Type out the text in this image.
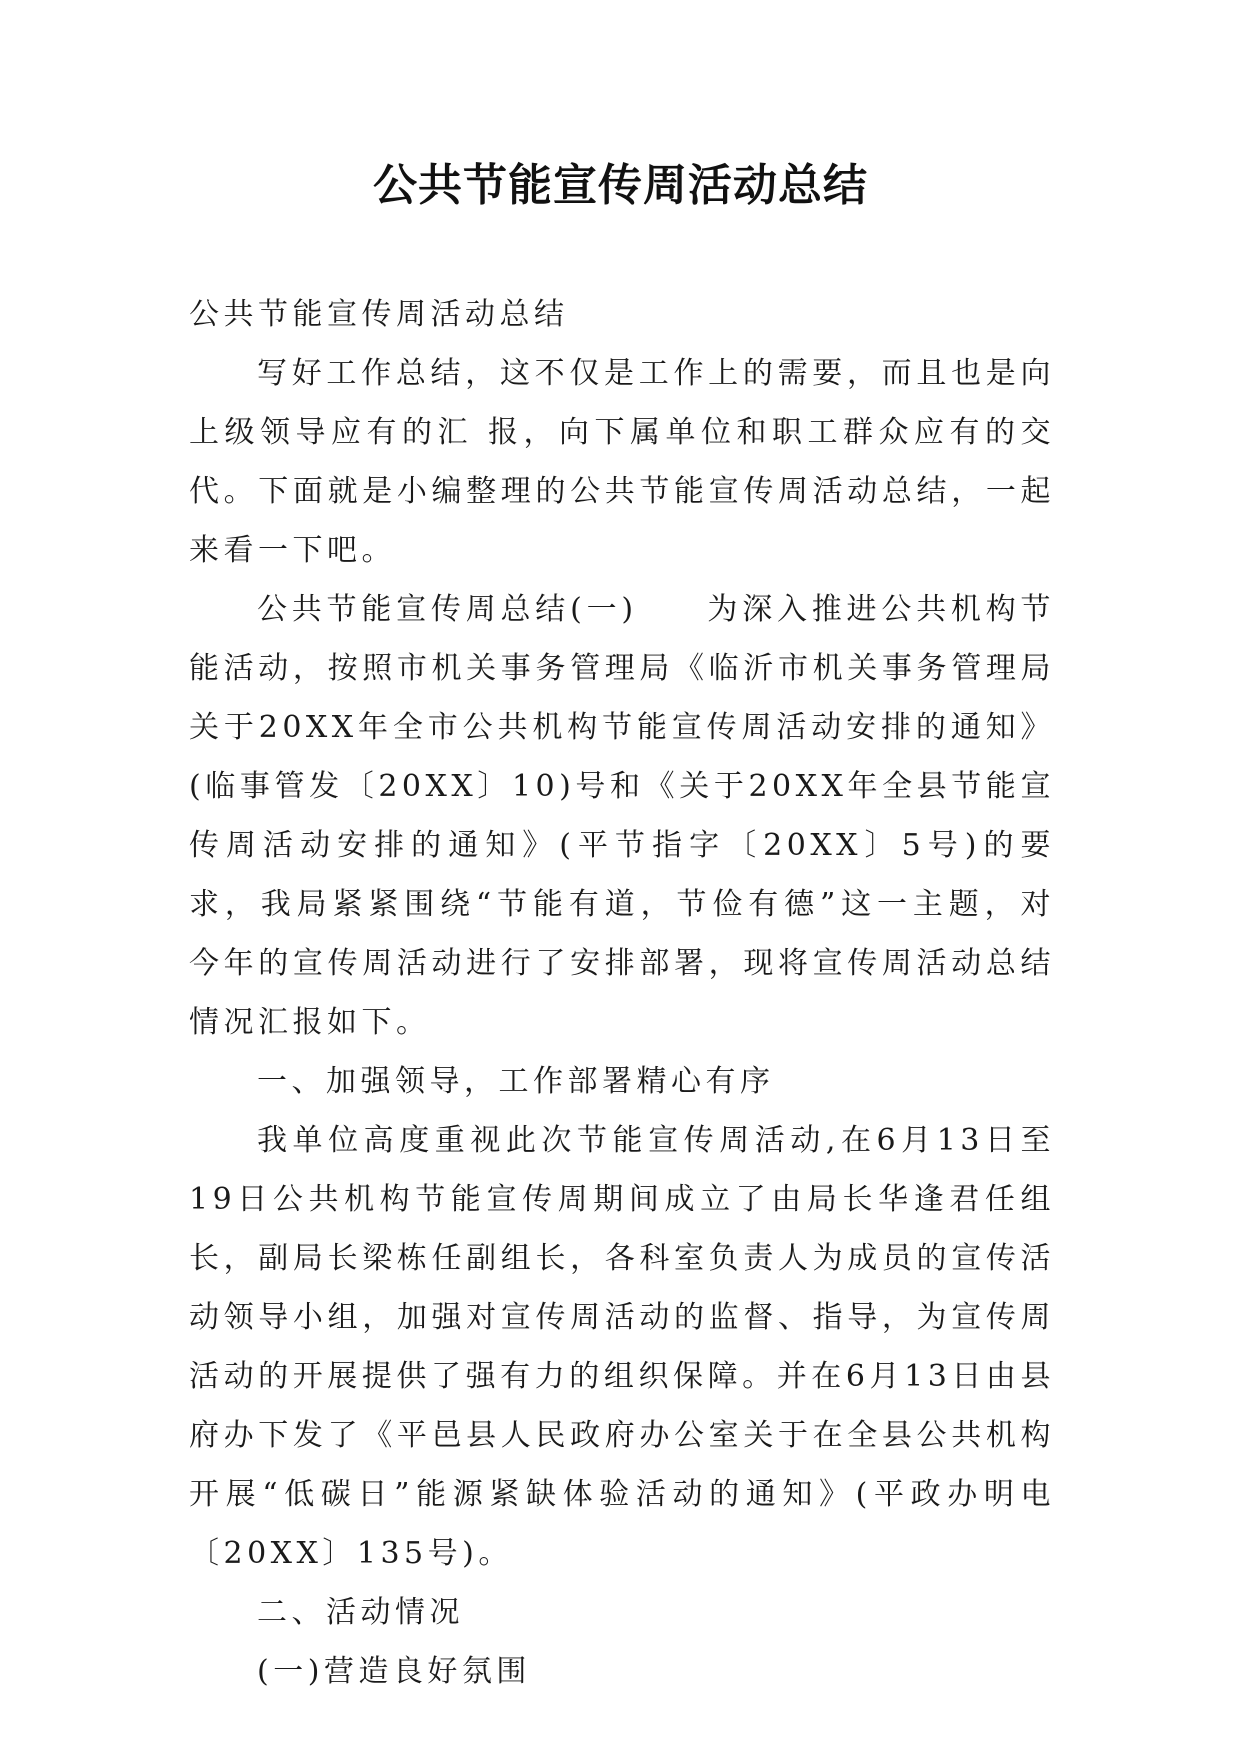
公共节能宣传周活动总结

公共节能宣传周活动总结

写好工作总结，这不仅是工作上的需要，而且也是向上级领导应有的汇 报，向下属单位和职工群众应有的交代。下面就是小编整理的公共节能宣传周活动总结，一起来看一下吧。

公共节能宣传周总结(一)　　为深入推进公共机构节能活动，按照市机关事务管理局《临沂市机关事务管理局关于20XX年全市公共机构节能宣传周活动安排的通知》(临事管发〔20XX〕10)号和《关于20XX年全县节能宣传周活动安排的通知》(平节指字〔20XX〕5号)的要求，我局紧紧围绕“节能有道，节俭有德”这一主题，对今年的宣传周活动进行了安排部署，现将宣传周活动总结情况汇报如下。

一、加强领导，工作部署精心有序

我单位高度重视此次节能宣传周活动,在6月13日至19日公共机构节能宣传周期间成立了由局长华逢君任组长，副局长梁栋任副组长，各科室负责人为成员的宣传活动领导小组，加强对宣传周活动的监督、指导，为宣传周活动的开展提供了强有力的组织保障。并在6月13日由县府办下发了《平邑县人民政府办公室关于在全县公共机构开展“低碳日”能源紧缺体验活动的通知》(平政办明电〔20XX〕135号)。

二、活动情况

(一)营造良好氛围
